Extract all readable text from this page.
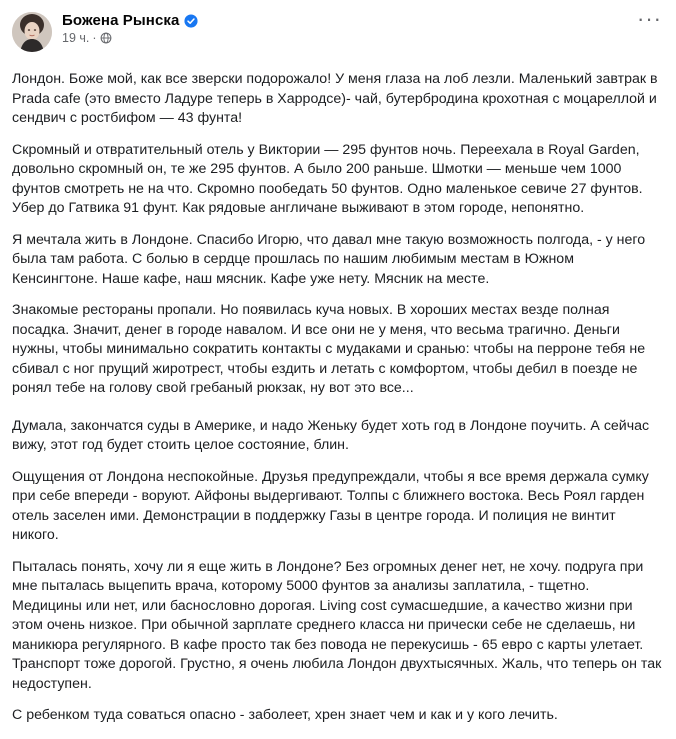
Божена Рынска
19 ч. ·
···

Лондон. Боже мой, как все зверски подорожало! У меня глаза на лоб лезли. Маленький завтрак в Prada cafe (это вместо Ладуре теперь в Харродсе)- чай, бутербродина крохотная с моцареллой и сендвич с ростбифом — 43 фунта!

Скромный и отвратительный отель у Виктории — 295 фунтов ночь. Переехала в Royal Garden, довольно скромный он, те же 295 фунтов. А было 200 раньше. Шмотки — меньше чем 1000 фунтов смотреть не на что. Скромно пообедать 50 фунтов. Одно маленькое севиче 27 фунтов. Убер до Гатвика 91 фунт. Как рядовые англичане выживают в этом городе, непонятно.

Я мечтала жить в Лондоне. Спасибо Игорю, что давал мне такую возможность полгода, - у него была там работа. С болью в сердце прошлась по нашим любимым местам в Южном Кенсингтоне. Наше кафе, наш мясник. Кафе уже нету. Мясник на месте.

Знакомые рестораны пропали. Но появилась куча новых. В хороших местах везде полная посадка. Значит, денег в городе навалом. И все они не у меня, что весьма трагично. Деньги нужны, чтобы минимально сократить контакты с мудаками и сранью: чтобы на перроне тебя не сбивал с ног прущий жиротрест, чтобы ездить и летать с комфортом, чтобы дебил в поезде не ронял тебе на голову свой гребаный рюкзак, ну вот это все...

Думала, закончатся суды в Америке, и надо Женьку будет хоть год в Лондоне поучить. А сейчас вижу, этот год будет стоить целое состояние, блин.

Ощущения от Лондона неспокойные. Друзья предупреждали, чтобы я все время держала сумку при себе впереди - воруют. Айфоны выдергивают. Толпы с ближнего востока. Весь Роял гарден отель заселен ими. Демонстрации в поддержку Газы в центре города. И полиция не винтит никого.

Пыталась понять, хочу ли я еще жить в Лондоне? Без огромных денег нет, не хочу. подруга при мне пыталась выцепить врача, которому 5000 фунтов за анализы заплатила, - тщетно. Медицины или нет, или баснословно дорогая. Living cost сумасшедшие, а качество жизни при этом очень низкое. При обычной зарплате среднего класса ни прически себе не сделаешь, ни маникюра регулярного. В кафе просто так без повода не перекусишь - 65 евро с карты улетает. Транспорт тоже дорогой. Грустно, я очень любила Лондон двухтысячных. Жаль, что теперь он так недоступен.

С ребенком туда соваться опасно - заболеет, хрен знает чем и как и у кого лечить.
